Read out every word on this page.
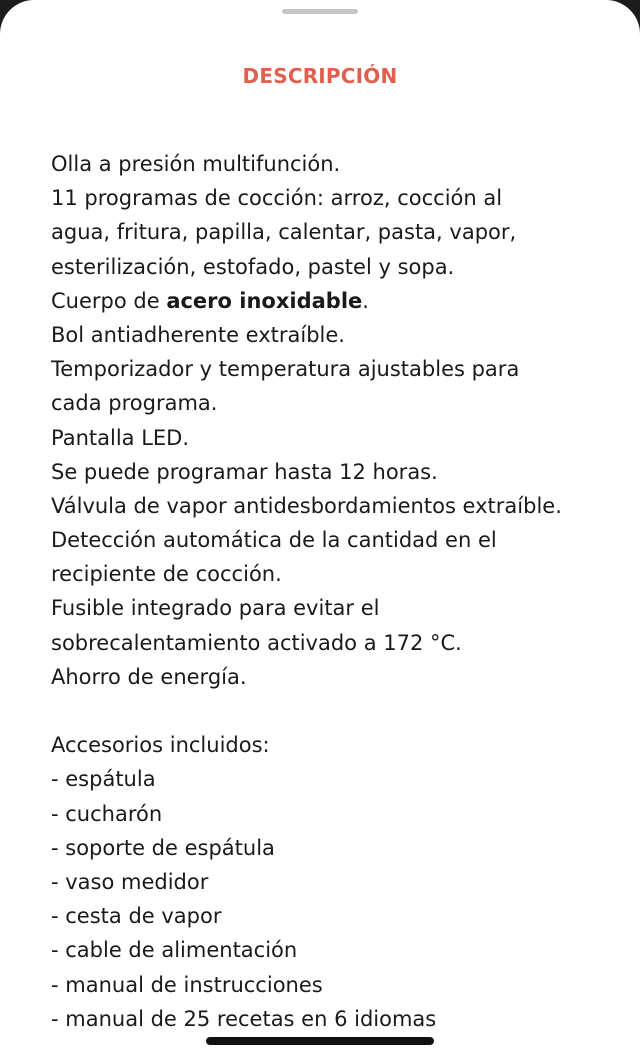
DESCRIPCIÓN
Olla a presión multifunción.
11 programas de cocción: arroz, cocción al
agua, fritura, papilla, calentar, pasta, vapor,
esterilización, estofado, pastel y sopa.
Cuerpo de acero inoxidable.
Bol antiadherente extraíble.
Temporizador y temperatura ajustables para
cada programa.
Pantalla LED.
Se puede programar hasta 12 horas.
Válvula de vapor antidesbordamientos extraíble.
Detección automática de la cantidad en el
recipiente de cocción.
Fusible integrado para evitar el
sobrecalentamiento activado a 172 °C.
Ahorro de energía.
Accesorios incluidos:
- espátula
- cucharón
- soporte de espátula
- vaso medidor
- cesta de vapor
- cable de alimentación
- manual de instrucciones
- manual de 25 recetas en 6 idiomas
